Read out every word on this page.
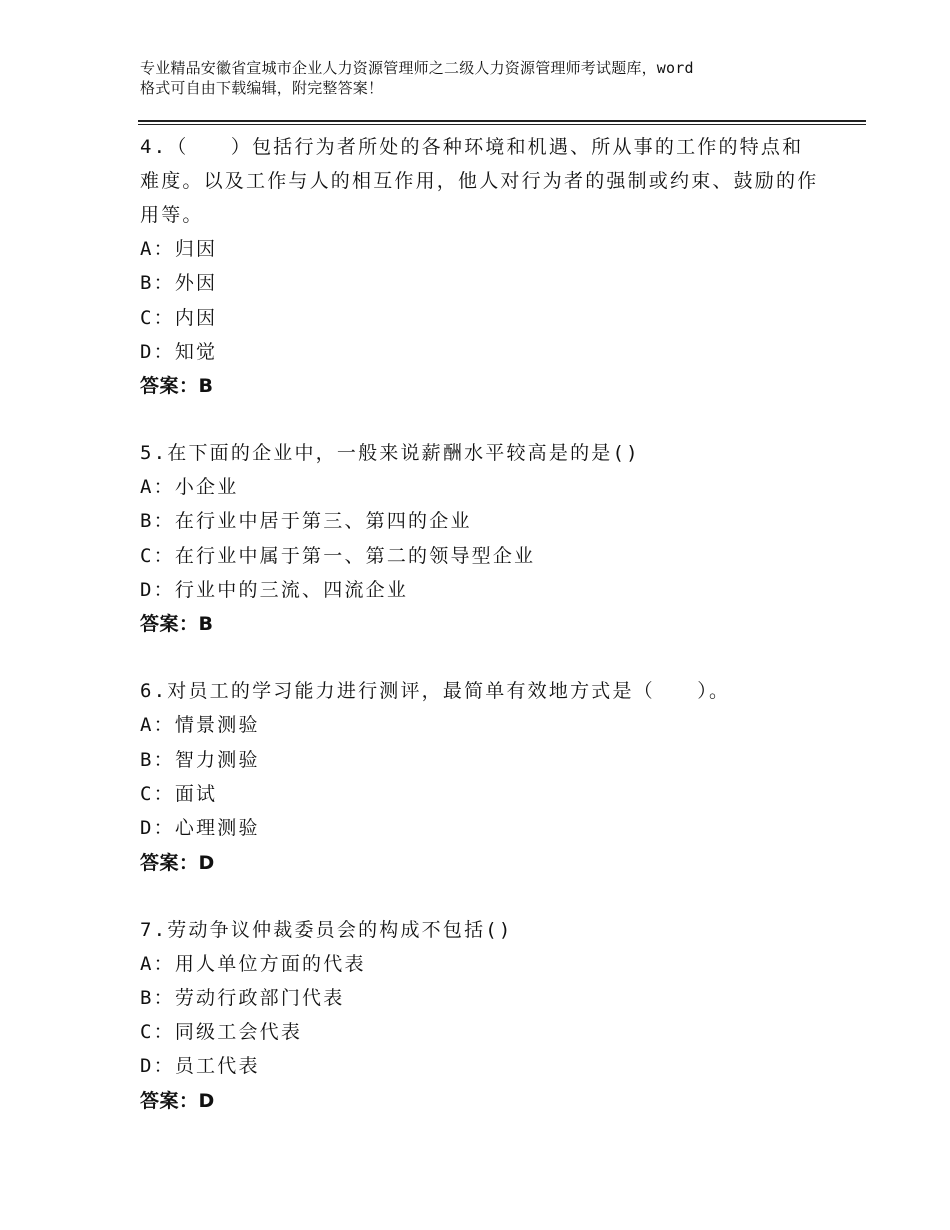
专业精品安徽省宣城市企业人力资源管理师之二级人力资源管理师考试题库，word
格式可自由下载编辑，附完整答案！

4.（　　）包括行为者所处的各种环境和机遇、所从事的工作的特点和难度。以及工作与人的相互作用，他人对行为者的强制或约束、鼓励的作用等。

A：归因
B：外因
C：内因
D：知觉

答案：B

5.在下面的企业中，一般来说薪酬水平较高是的是()

A：小企业
B：在行业中居于第三、第四的企业
C：在行业中属于第一、第二的领导型企业
D：行业中的三流、四流企业

答案：B

6.对员工的学习能力进行测评，最简单有效地方式是（　　）。

A：情景测验
B：智力测验
C：面试
D：心理测验

答案：D

7.劳动争议仲裁委员会的构成不包括()

A：用人单位方面的代表
B：劳动行政部门代表
C：同级工会代表
D：员工代表

答案：D
